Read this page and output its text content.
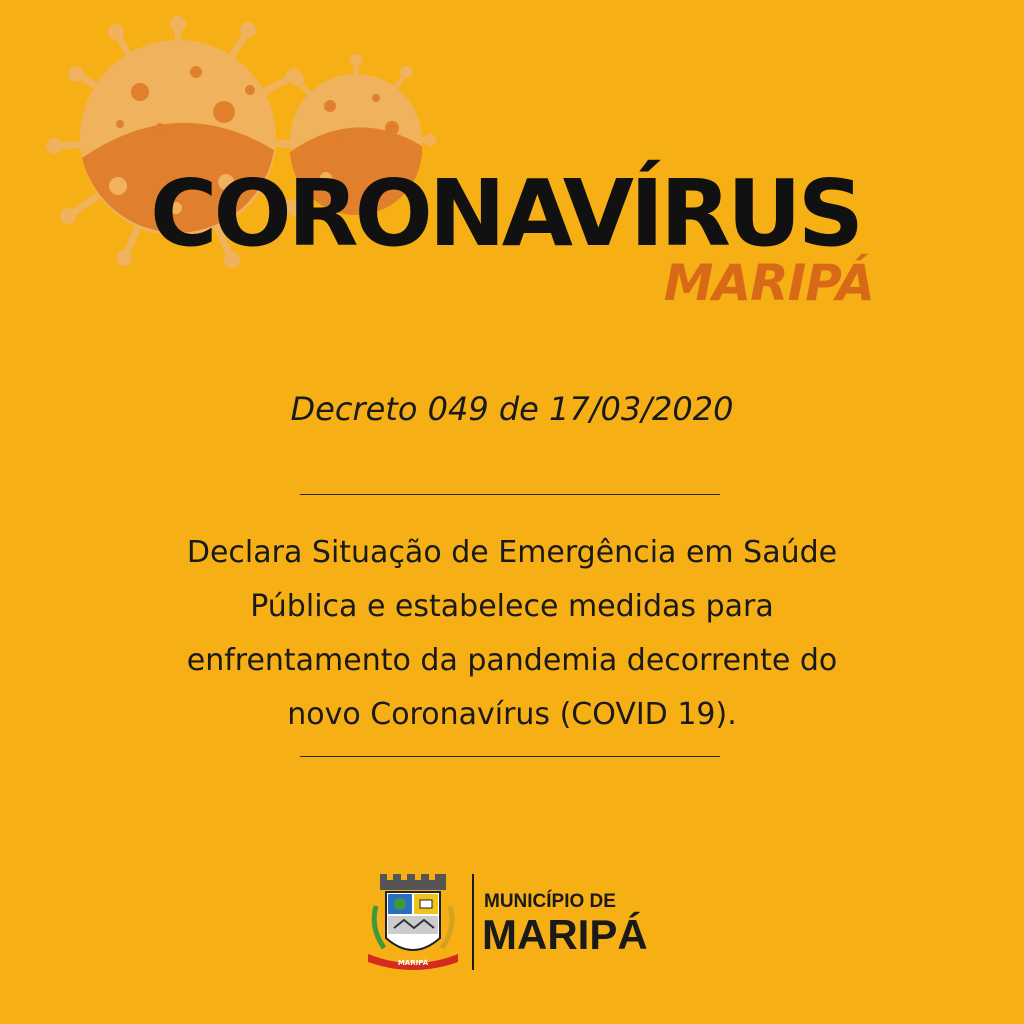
CORONAVÍRUS
MARIPÁ
Decreto 049 de 17/03/2020
Declara Situação de Emergência em Saúde
Pública e estabelece medidas para
enfrentamento da pandemia decorrente do
novo Coronavírus (COVID 19).
MARIPÁ
MUNICÍPIO DE
MARIPÁ
